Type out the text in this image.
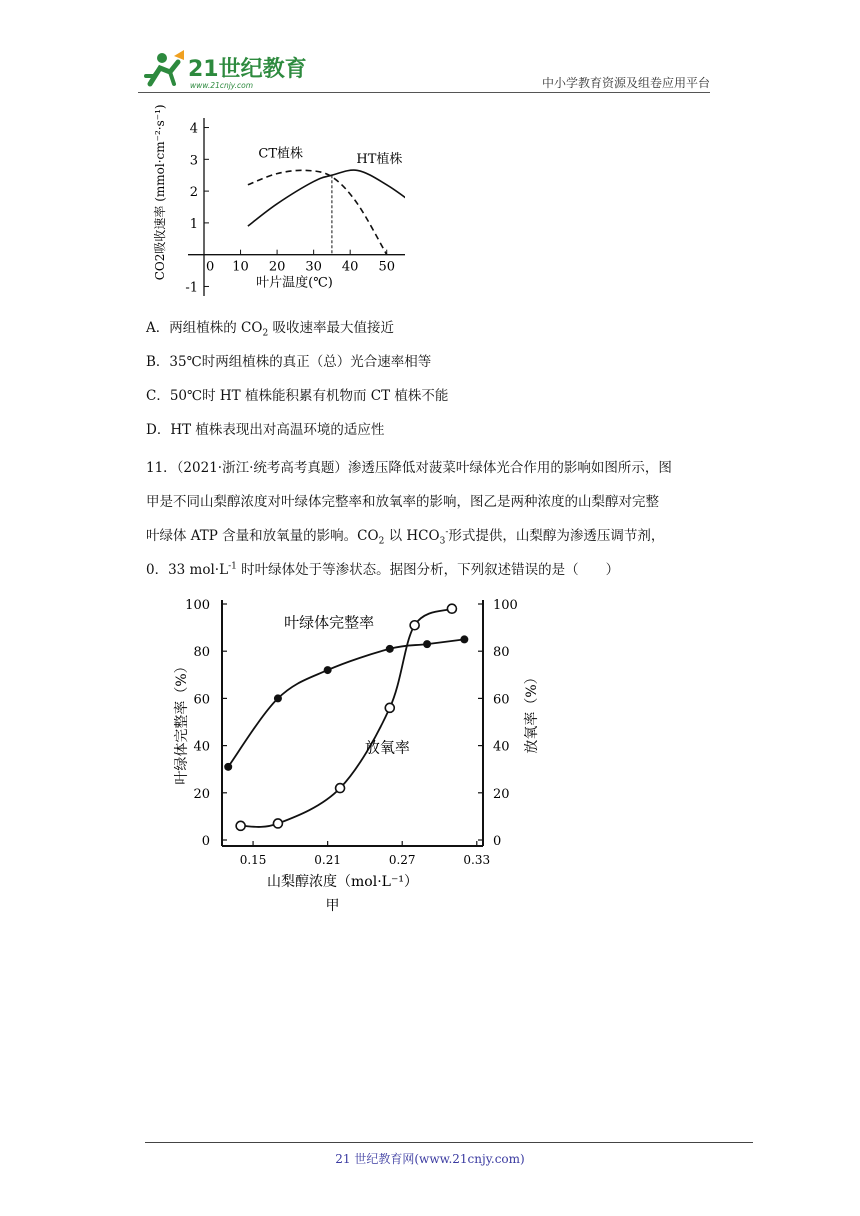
21世纪教育
www.21cnjy.com	中小学教育资源及组卷应用平台
-1
1
2
3
4
0 10 20 30 40 50
叶片温度(℃)
CO2吸收速率 (mmol·cm⁻²·s⁻¹)	CT植株	HT植株
A．两组植株的 $CO_2$ 吸收速率最大值接近
B．35℃时两组植株的真正（总）光合速率相等
C．50℃时 HT 植株能积累有机物而 CT 植株不能
D．HT 植株表现出对高温环境的适应性
11．（2021·浙江·统考高考真题）渗透压降低对菠菜叶绿体光合作用的影响如图所示，图
甲是不同山梨醇浓度对叶绿体完整率和放氧率的影响，图乙是两种浓度的山梨醇对完整
叶绿体 ATP 含量和放氧量的影响。$CO_2$ 以 $HCO_3^-$形式提供，山梨醇为渗透压调节剂，
0．33 $mol\cdot L^{-1}$ 时叶绿体处于等渗状态。据图分析，下列叙述错误的是（　　）
0
20
40
60
80
100
0
20
40
60
80
100
0.15	0.21	0.27	0.33
山梨醇浓度（mol·L⁻¹）
甲
叶绿体完整率（%）	放氧率（%）
叶绿体完整率
放氧率
21 世纪教育网(www.21cnjy.com)
